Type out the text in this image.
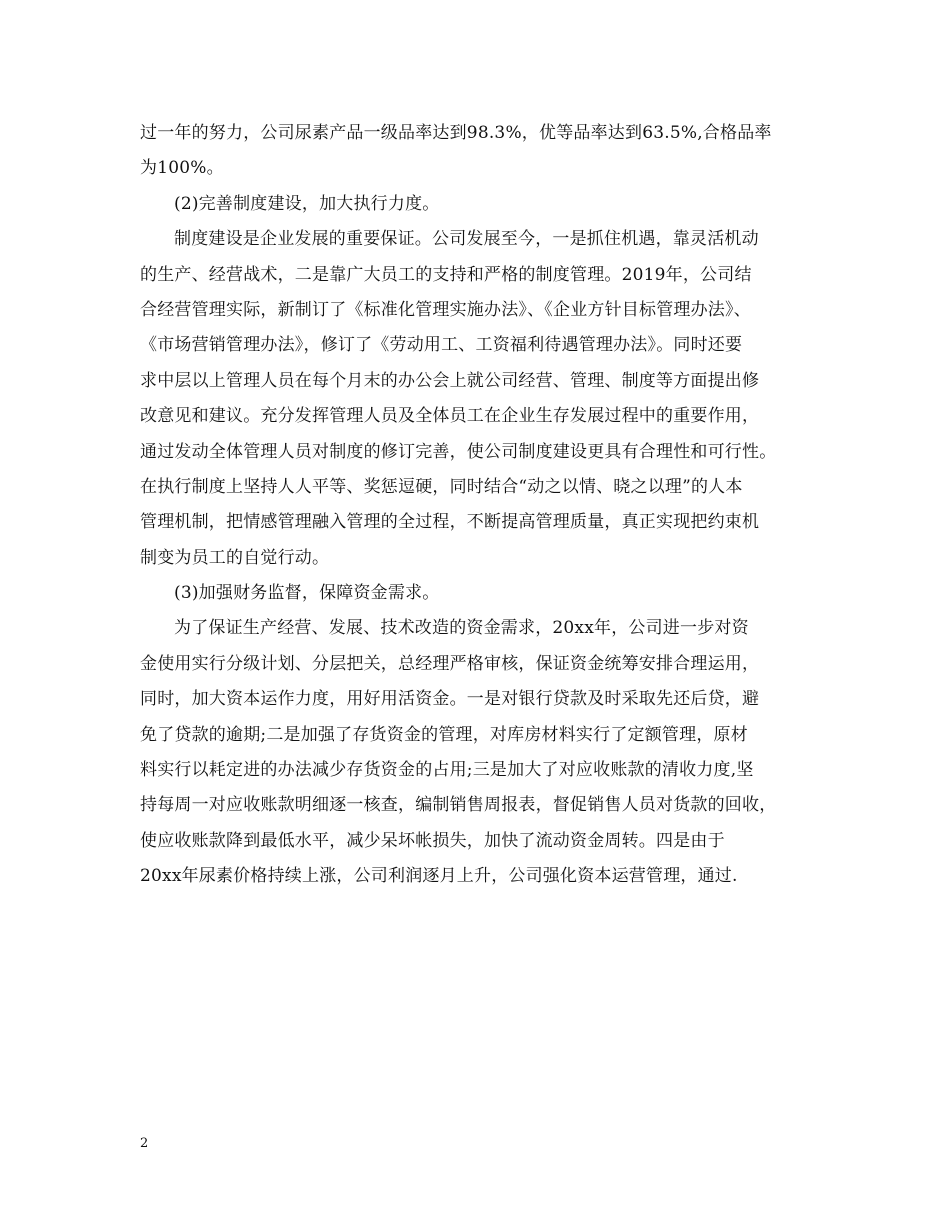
过一年的努力，公司尿素产品一级品率达到98.3%，优等品率达到63.5%,合格品率
为100%。
(2)完善制度建设，加大执行力度。
制度建设是企业发展的重要保证。公司发展至今，一是抓住机遇，靠灵活机动
的生产、经营战术，二是靠广大员工的支持和严格的制度管理。2019年，公司结
合经营管理实际，新制订了《标准化管理实施办法》、《企业方针目标管理办法》、
《市场营销管理办法》，修订了《劳动用工、工资福利待遇管理办法》。同时还要
求中层以上管理人员在每个月末的办公会上就公司经营、管理、制度等方面提出修
改意见和建议。充分发挥管理人员及全体员工在企业生存发展过程中的重要作用，
通过发动全体管理人员对制度的修订完善，使公司制度建设更具有合理性和可行性。
在执行制度上坚持人人平等、奖惩逗硬，同时结合“动之以情、晓之以理”的人本
管理机制，把情感管理融入管理的全过程，不断提高管理质量，真正实现把约束机
制变为员工的自觉行动。
(3)加强财务监督，保障资金需求。
为了保证生产经营、发展、技术改造的资金需求，20xx年，公司进一步对资
金使用实行分级计划、分层把关，总经理严格审核，保证资金统筹安排合理运用，
同时，加大资本运作力度，用好用活资金。一是对银行贷款及时采取先还后贷，避
免了贷款的逾期;二是加强了存货资金的管理，对库房材料实行了定额管理，原材
料实行以耗定进的办法减少存货资金的占用;三是加大了对应收账款的清收力度,坚
持每周一对应收账款明细逐一核查，编制销售周报表，督促销售人员对货款的回收，
使应收账款降到最低水平，减少呆坏帐损失，加快了流动资金周转。四是由于
20xx年尿素价格持续上涨，公司利润逐月上升，公司强化资本运营管理，通过.
2
